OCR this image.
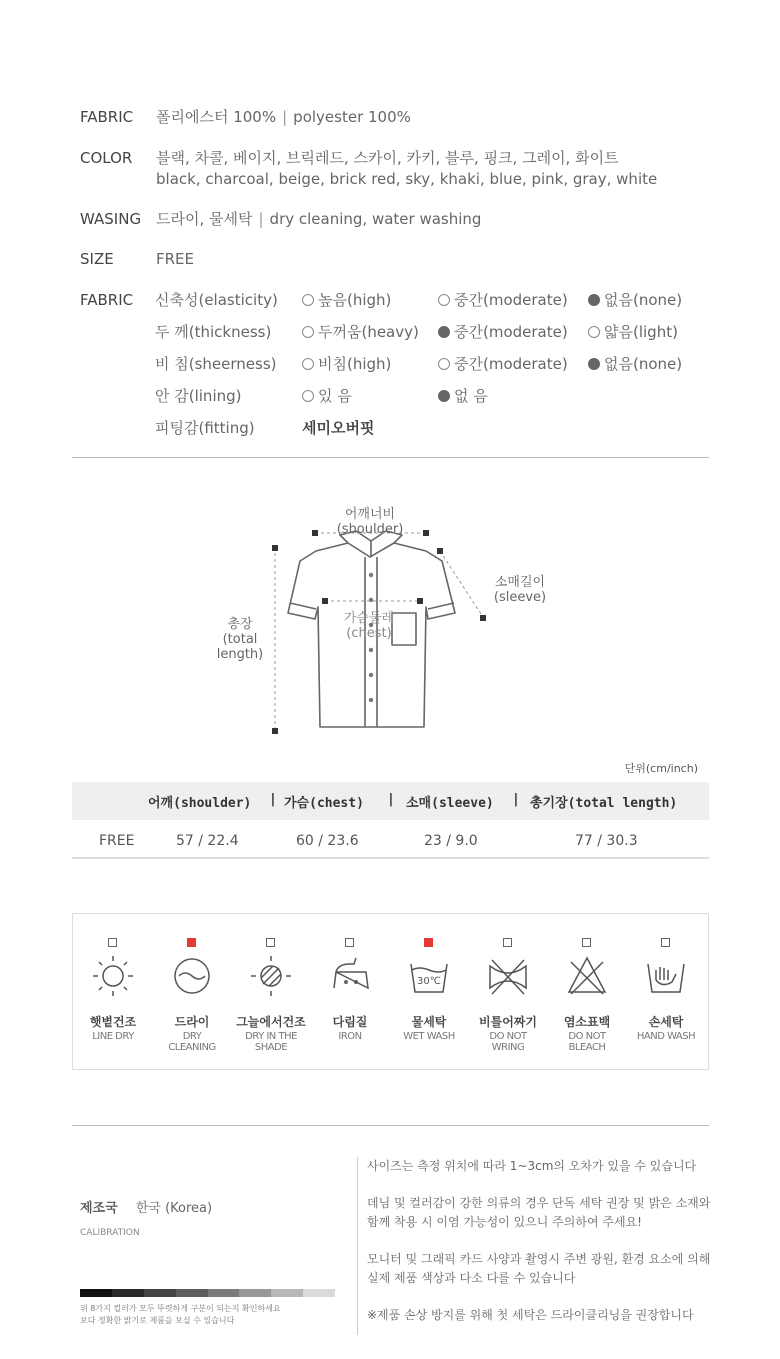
FABRIC 폴리에스터 100% | polyester 100%
COLOR 블랙, 차콜, 베이지, 브릭레드, 스카이, 카키, 블루, 핑크, 그레이, 화이트
black, charcoal, beige, brick red, sky, khaki, blue, pink, gray, white
WASING 드라이, 물세탁 | dry cleaning, water washing
SIZE	FREE
FABRIC 신축성(elasticity)	높음(high)	중간(moderate)	없음(none)
두 께(thickness)	두꺼움(heavy)	중간(moderate)	얇음(light)
비 침(sheerness)	비침(high)	중간(moderate)	없음(none)
안 감(lining)	있 음	없 음
피팅감(fitting)	세미오버핏
어깨너비
(shoulder)
소매길이
(sleeve)
가슴둘레
(chest)
총장
(total
length)
단위(cm/inch)
어깨(shoulder) | 가슴(chest) | 소매(sleeve) | 총기장(total length)
FREE	57 / 22.4	60 / 23.6	23 / 9.0	77 / 30.3
햇볕건조
LINE DRY

드라이
DRY
CLEANING
그늘에서건조
DRY IN THE
SHADE
다림질
IRON

30℃
물세탁
WET WASH

비틀어짜기
DO NOT
WRING
염소표백
DO NOT
BLEACH
손세탁
HAND WASH

제조국 한국 (Korea)
CALIBRATION
위 8가지 컬러가 모두 뚜렷하게 구분이 되는지 확인하세요
보다 정확한 밝기로 제품을 보실 수 있습니다

사이즈는 측정 위치에 따라 1~3cm의 오차가 있을 수 있습니다

데님 및 컬러감이 강한 의류의 경우 단독 세탁 권장 및 밝은 소재와
함께 착용 시 이염 가능성이 있으니 주의하여 주세요!

모니터 및 그래픽 카드 사양과 촬영시 주변 광원, 환경 요소에 의해
실제 제품 색상과 다소 다를 수 있습니다

※제품 손상 방지를 위해 첫 세탁은 드라이클리닝을 권장합니다
